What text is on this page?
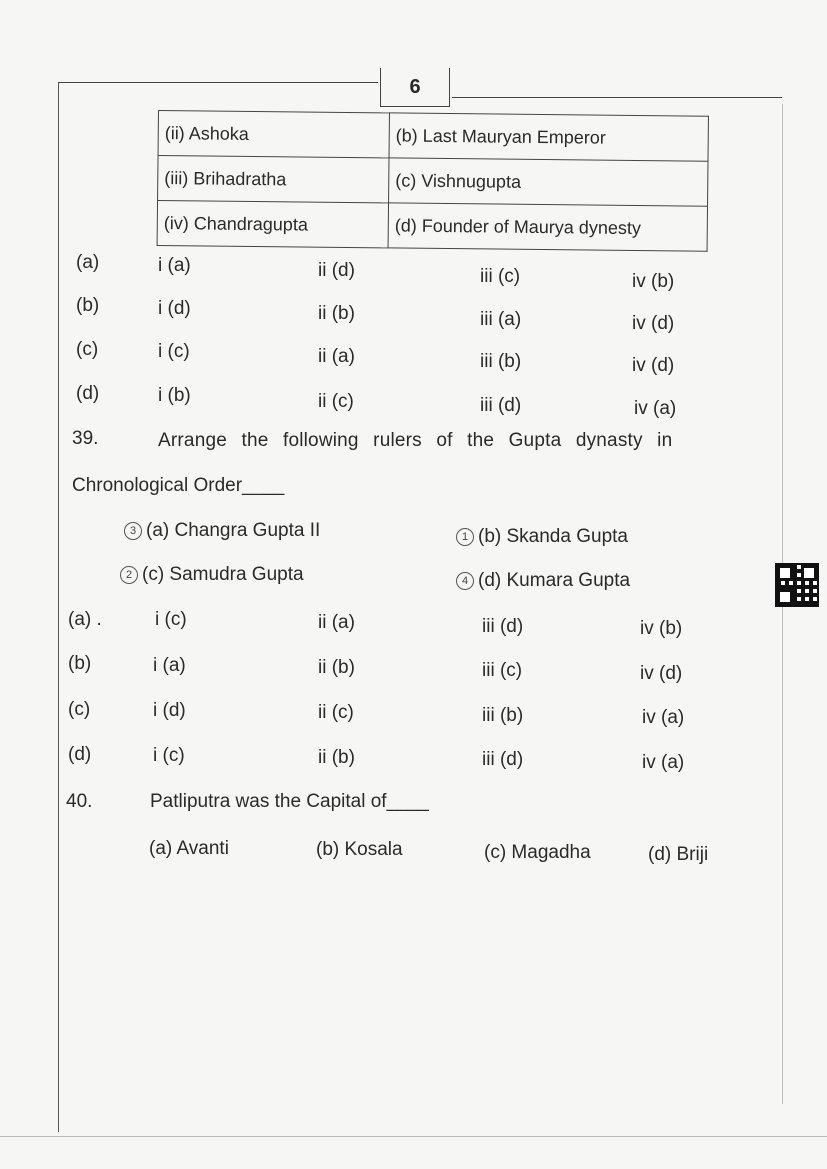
6
(ii) Ashoka	(b) Last Mauryan Emperor
(iii) Brihadratha	(c) Vishnugupta
(iv) Chandragupta	(d) Founder of Maurya dynesty
(a)	i (a)	ii (d)	iii (c)	iv (b)
(b)	i (d)	ii (b)	iii (a)	iv (d)
(c)	i (c)	ii (a)	iii (b)	iv (d)
(d)	i (b)	ii (c)	iii (d)	iv (a)
39.	Arrange the following rulers of the Gupta dynasty in
Chronological Order____
3 (a) Changra Gupta II	1 (b) Skanda Gupta
2 (c) Samudra Gupta	4 (d) Kumara Gupta
(a) .	i (c)	ii (a)	iii (d)	iv (b)
(b)	i (a)	ii (b)	iii (c)	iv (d)
(c)	i (d)	ii (c)	iii (b)	iv (a)
(d)	i (c)	ii (b)	iii (d)	iv (a)
40.	Patliputra was the Capital of____
(a) Avanti	(b) Kosala	(c) Magadha	(d) Briji
